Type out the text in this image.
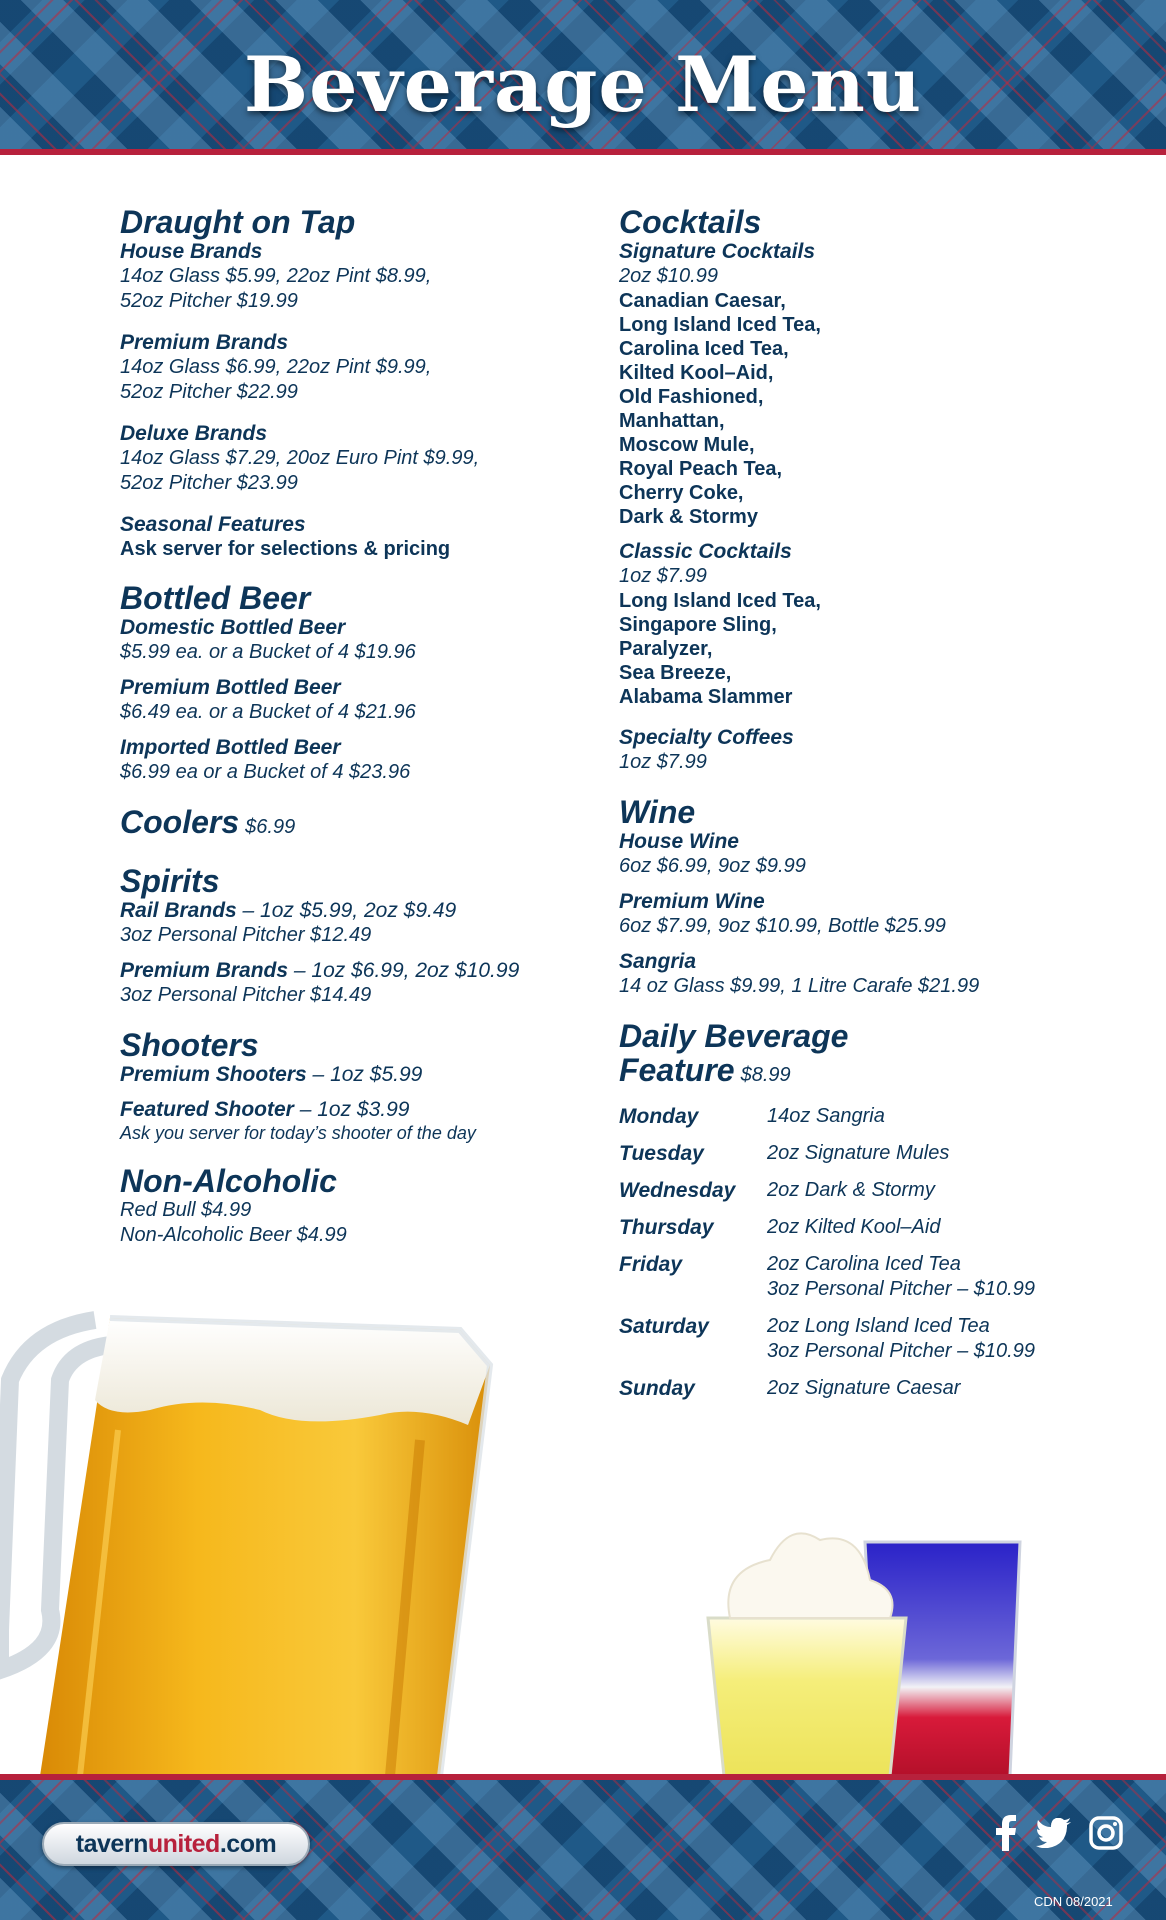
Beverage Menu
Draught on Tap
House Brands
14oz Glass $5.99, 22oz Pint $8.99,
52oz Pitcher $19.99
Premium Brands
14oz Glass $6.99, 22oz Pint $9.99,
52oz Pitcher $22.99
Deluxe Brands
14oz Glass $7.29, 20oz Euro Pint $9.99,
52oz Pitcher $23.99
Seasonal Features
Ask server for selections & pricing
Bottled Beer
Domestic Bottled Beer
$5.99 ea. or a Bucket of 4 $19.96
Premium Bottled Beer
$6.49 ea. or a Bucket of 4 $21.96
Imported Bottled Beer
$6.99 ea or a Bucket of 4 $23.96
Coolers $6.99
Spirits
Rail Brands – 1oz $5.99, 2oz $9.49
3oz Personal Pitcher $12.49
Premium Brands – 1oz $6.99, 2oz $10.99
3oz Personal Pitcher $14.49
Shooters
Premium Shooters – 1oz $5.99
Featured Shooter – 1oz $3.99
Ask you server for today’s shooter of the day
Non-Alcoholic
Red Bull $4.99
Non-Alcoholic Beer $4.99
Cocktails
Signature Cocktails
2oz $10.99
Canadian Caesar,
Long Island Iced Tea,
Carolina Iced Tea,
Kilted Kool–Aid,
Old Fashioned,
Manhattan,
Moscow Mule,
Royal Peach Tea,
Cherry Coke,
Dark & Stormy
Classic Cocktails
1oz $7.99
Long Island Iced Tea,
Singapore Sling,
Paralyzer,
Sea Breeze,
Alabama Slammer
Specialty Coffees
1oz $7.99
Wine
House Wine
6oz $6.99, 9oz $9.99
Premium Wine
6oz $7.99, 9oz $10.99, Bottle $25.99
Sangria
14 oz Glass $9.99, 1 Litre Carafe $21.99
Daily Beverage
Feature $8.99
Monday	14oz Sangria
Tuesday	2oz Signature Mules
Wednesday	2oz Dark & Stormy
Thursday	2oz Kilted Kool–Aid
Friday	2oz Carolina Iced Tea
3oz Personal Pitcher – $10.99
Saturday	2oz Long Island Iced Tea
3oz Personal Pitcher – $10.99
Sunday	2oz Signature Caesar
tavernunited.com
CDN 08/2021
